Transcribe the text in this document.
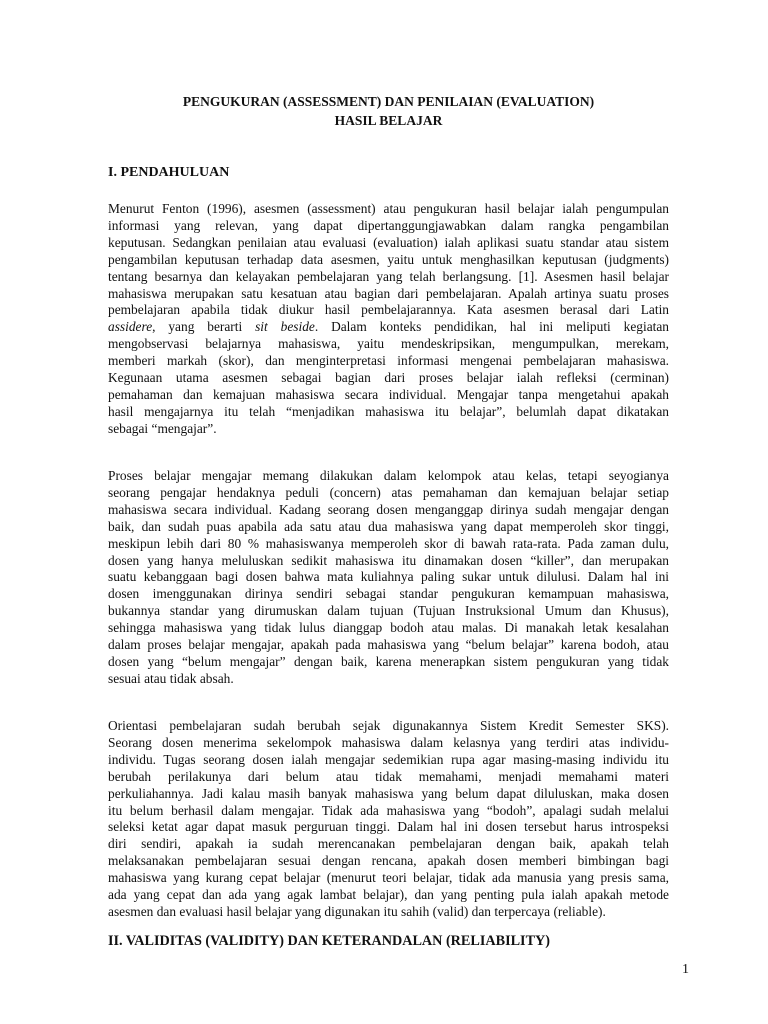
PENGUKURAN (ASSESSMENT) DAN PENILAIAN (EVALUATION)
HASIL BELAJAR
I. PENDAHULUAN
Menurut Fenton (1996), asesmen (assessment) atau pengukuran hasil belajar ialah pengumpulan
informasi yang relevan, yang dapat dipertanggungjawabkan dalam rangka pengambilan
keputusan. Sedangkan penilaian atau evaluasi (evaluation) ialah aplikasi suatu standar atau sistem
pengambilan keputusan terhadap data asesmen, yaitu untuk menghasilkan keputusan (judgments)
tentang besarnya dan kelayakan pembelajaran yang telah berlangsung. [1]. Asesmen hasil belajar
mahasiswa merupakan satu kesatuan atau bagian dari pembelajaran. Apalah artinya suatu proses
pembelajaran apabila tidak diukur hasil pembelajarannya. Kata asesmen berasal dari Latin
assidere, yang berarti sit beside. Dalam konteks pendidikan, hal ini meliputi kegiatan
mengobservasi belajarnya mahasiswa, yaitu mendeskripsikan, mengumpulkan, merekam,
memberi markah (skor), dan menginterpretasi informasi mengenai pembelajaran mahasiswa.
Kegunaan utama asesmen sebagai bagian dari proses belajar ialah refleksi (cerminan)
pemahaman dan kemajuan mahasiswa secara individual. Mengajar tanpa mengetahui apakah
hasil mengajarnya itu telah “menjadikan mahasiswa itu belajar”, belumlah dapat dikatakan
sebagai “mengajar”.
Proses belajar mengajar memang dilakukan dalam kelompok atau kelas, tetapi seyogianya
seorang pengajar hendaknya peduli (concern) atas pemahaman dan kemajuan belajar setiap
mahasiswa secara individual. Kadang seorang dosen menganggap dirinya sudah mengajar dengan
baik, dan sudah puas apabila ada satu atau dua mahasiswa yang dapat memperoleh skor tinggi,
meskipun lebih dari 80 % mahasiswanya memperoleh skor di bawah rata-rata. Pada zaman dulu,
dosen yang hanya meluluskan sedikit mahasiswa itu dinamakan dosen “killer”, dan merupakan
suatu kebanggaan bagi dosen bahwa mata kuliahnya paling sukar untuk dilulusi. Dalam hal ini
dosen imenggunakan dirinya sendiri sebagai standar pengukuran kemampuan mahasiswa,
bukannya standar yang dirumuskan dalam tujuan (Tujuan Instruksional Umum dan Khusus),
sehingga mahasiswa yang tidak lulus dianggap bodoh atau malas. Di manakah letak kesalahan
dalam proses belajar mengajar, apakah pada mahasiswa yang “belum belajar” karena bodoh, atau
dosen yang “belum mengajar” dengan baik, karena menerapkan sistem pengukuran yang tidak
sesuai atau tidak absah.
Orientasi pembelajaran sudah berubah sejak digunakannya Sistem Kredit Semester SKS).
Seorang dosen menerima sekelompok mahasiswa dalam kelasnya yang terdiri atas individu-
individu. Tugas seorang dosen ialah mengajar sedemikian rupa agar masing-masing individu itu
berubah perilakunya dari belum atau tidak memahami, menjadi memahami materi
perkuliahannya. Jadi kalau masih banyak mahasiswa yang belum dapat diluluskan, maka dosen
itu belum berhasil dalam mengajar. Tidak ada mahasiswa yang “bodoh”, apalagi sudah melalui
seleksi ketat agar dapat masuk perguruan tinggi. Dalam hal ini dosen tersebut harus introspeksi
diri sendiri, apakah ia sudah merencanakan pembelajaran dengan baik, apakah telah
melaksanakan pembelajaran sesuai dengan rencana, apakah dosen memberi bimbingan bagi
mahasiswa yang kurang cepat belajar (menurut teori belajar, tidak ada manusia yang presis sama,
ada yang cepat dan ada yang agak lambat belajar), dan yang penting pula ialah apakah metode
asesmen dan evaluasi hasil belajar yang digunakan itu sahih (valid) dan terpercaya (reliable).
II. VALIDITAS (VALIDITY) DAN KETERANDALAN (RELIABILITY)
1
